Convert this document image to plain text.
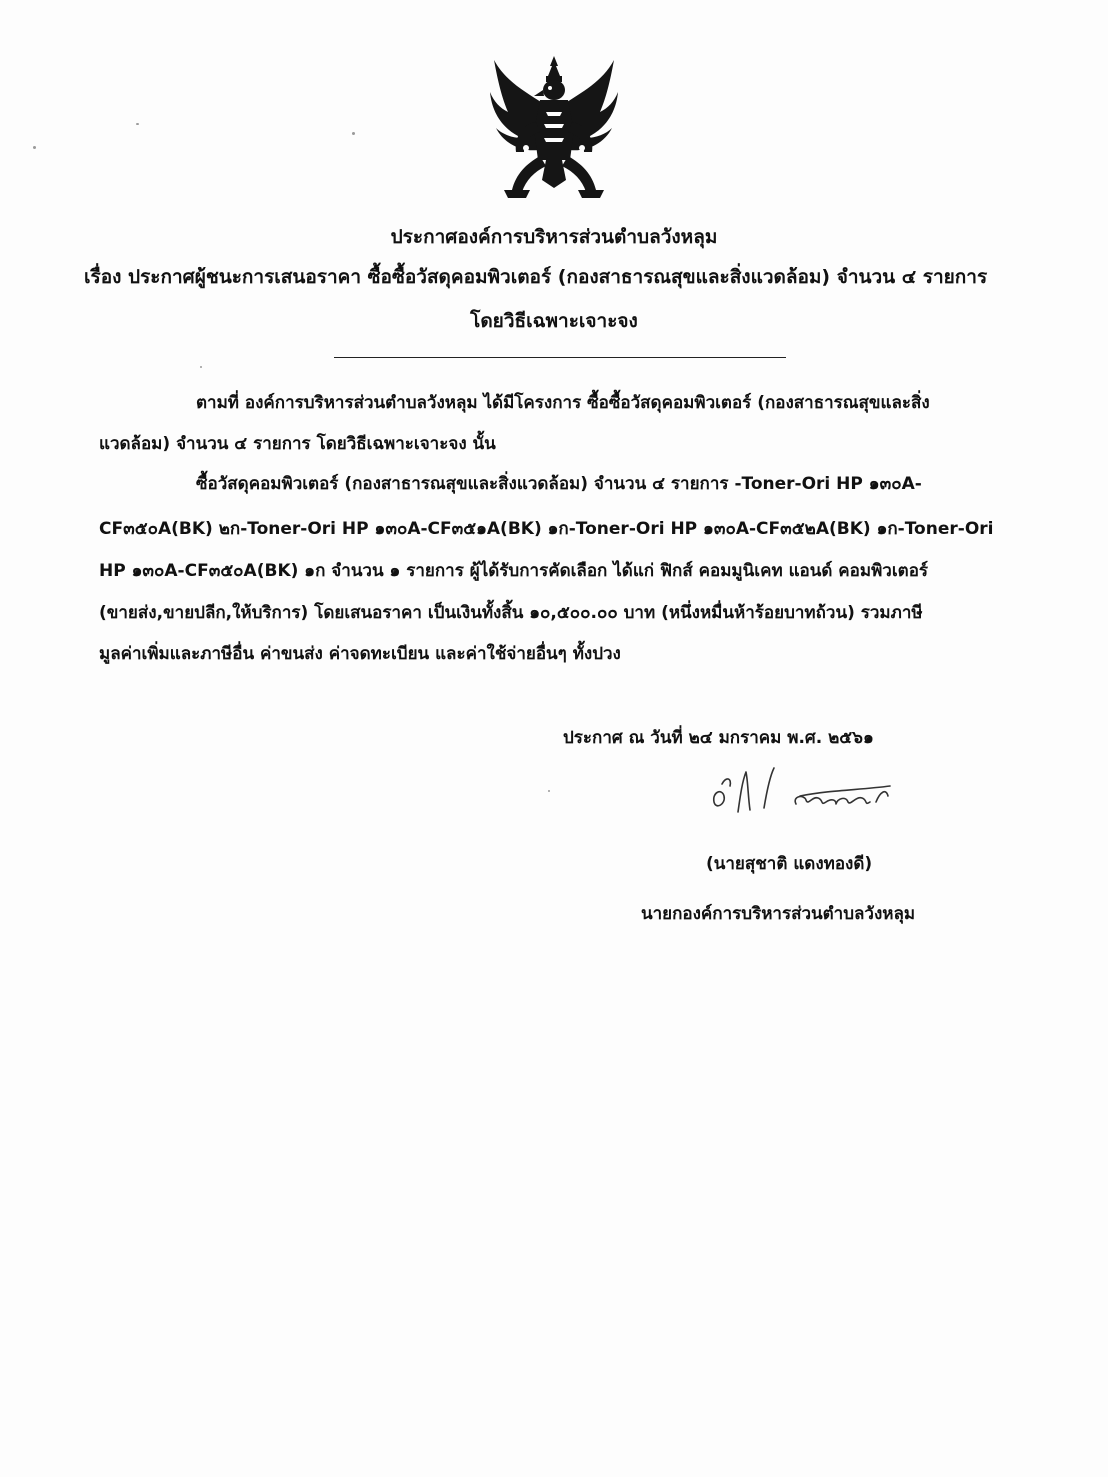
ประกาศองค์การบริหารส่วนตำบลวังหลุม
เรื่อง ประกาศผู้ชนะการเสนอราคา ซื้อซื้อวัสดุคอมพิวเตอร์ (กองสาธารณสุขและสิ่งแวดล้อม) จำนวน ๔ รายการ
โดยวิธีเฉพาะเจาะจง
ตามที่ องค์การบริหารส่วนตำบลวังหลุม ได้มีโครงการ ซื้อซื้อวัสดุคอมพิวเตอร์ (กองสาธารณสุขและสิ่ง
แวดล้อม) จำนวน ๔ รายการ โดยวิธีเฉพาะเจาะจง นั้น
ซื้อวัสดุคอมพิวเตอร์ (กองสาธารณสุขและสิ่งแวดล้อม) จำนวน ๔ รายการ -Toner-Ori HP ๑๓๐A-
CF๓๕๐A(BK) ๒ก-Toner-Ori HP ๑๓๐A-CF๓๕๑A(BK) ๑ก-Toner-Ori HP ๑๓๐A-CF๓๕๒A(BK) ๑ก-Toner-Ori
HP ๑๓๐A-CF๓๕๐A(BK) ๑ก จำนวน ๑ รายการ ผู้ได้รับการคัดเลือก ได้แก่ ฟิกส์ คอมมูนิเคท แอนด์ คอมพิวเตอร์
(ขายส่ง,ขายปลีก,ให้บริการ) โดยเสนอราคา เป็นเงินทั้งสิ้น ๑๐,๕๐๐.๐๐ บาท (หนึ่งหมื่นห้าร้อยบาทถ้วน) รวมภาษี
มูลค่าเพิ่มและภาษีอื่น ค่าขนส่ง ค่าจดทะเบียน และค่าใช้จ่ายอื่นๆ ทั้งปวง
ประกาศ ณ วันที่ ๒๔ มกราคม พ.ศ. ๒๕๖๑
(นายสุชาติ แดงทองดี)
นายกองค์การบริหารส่วนตำบลวังหลุม
